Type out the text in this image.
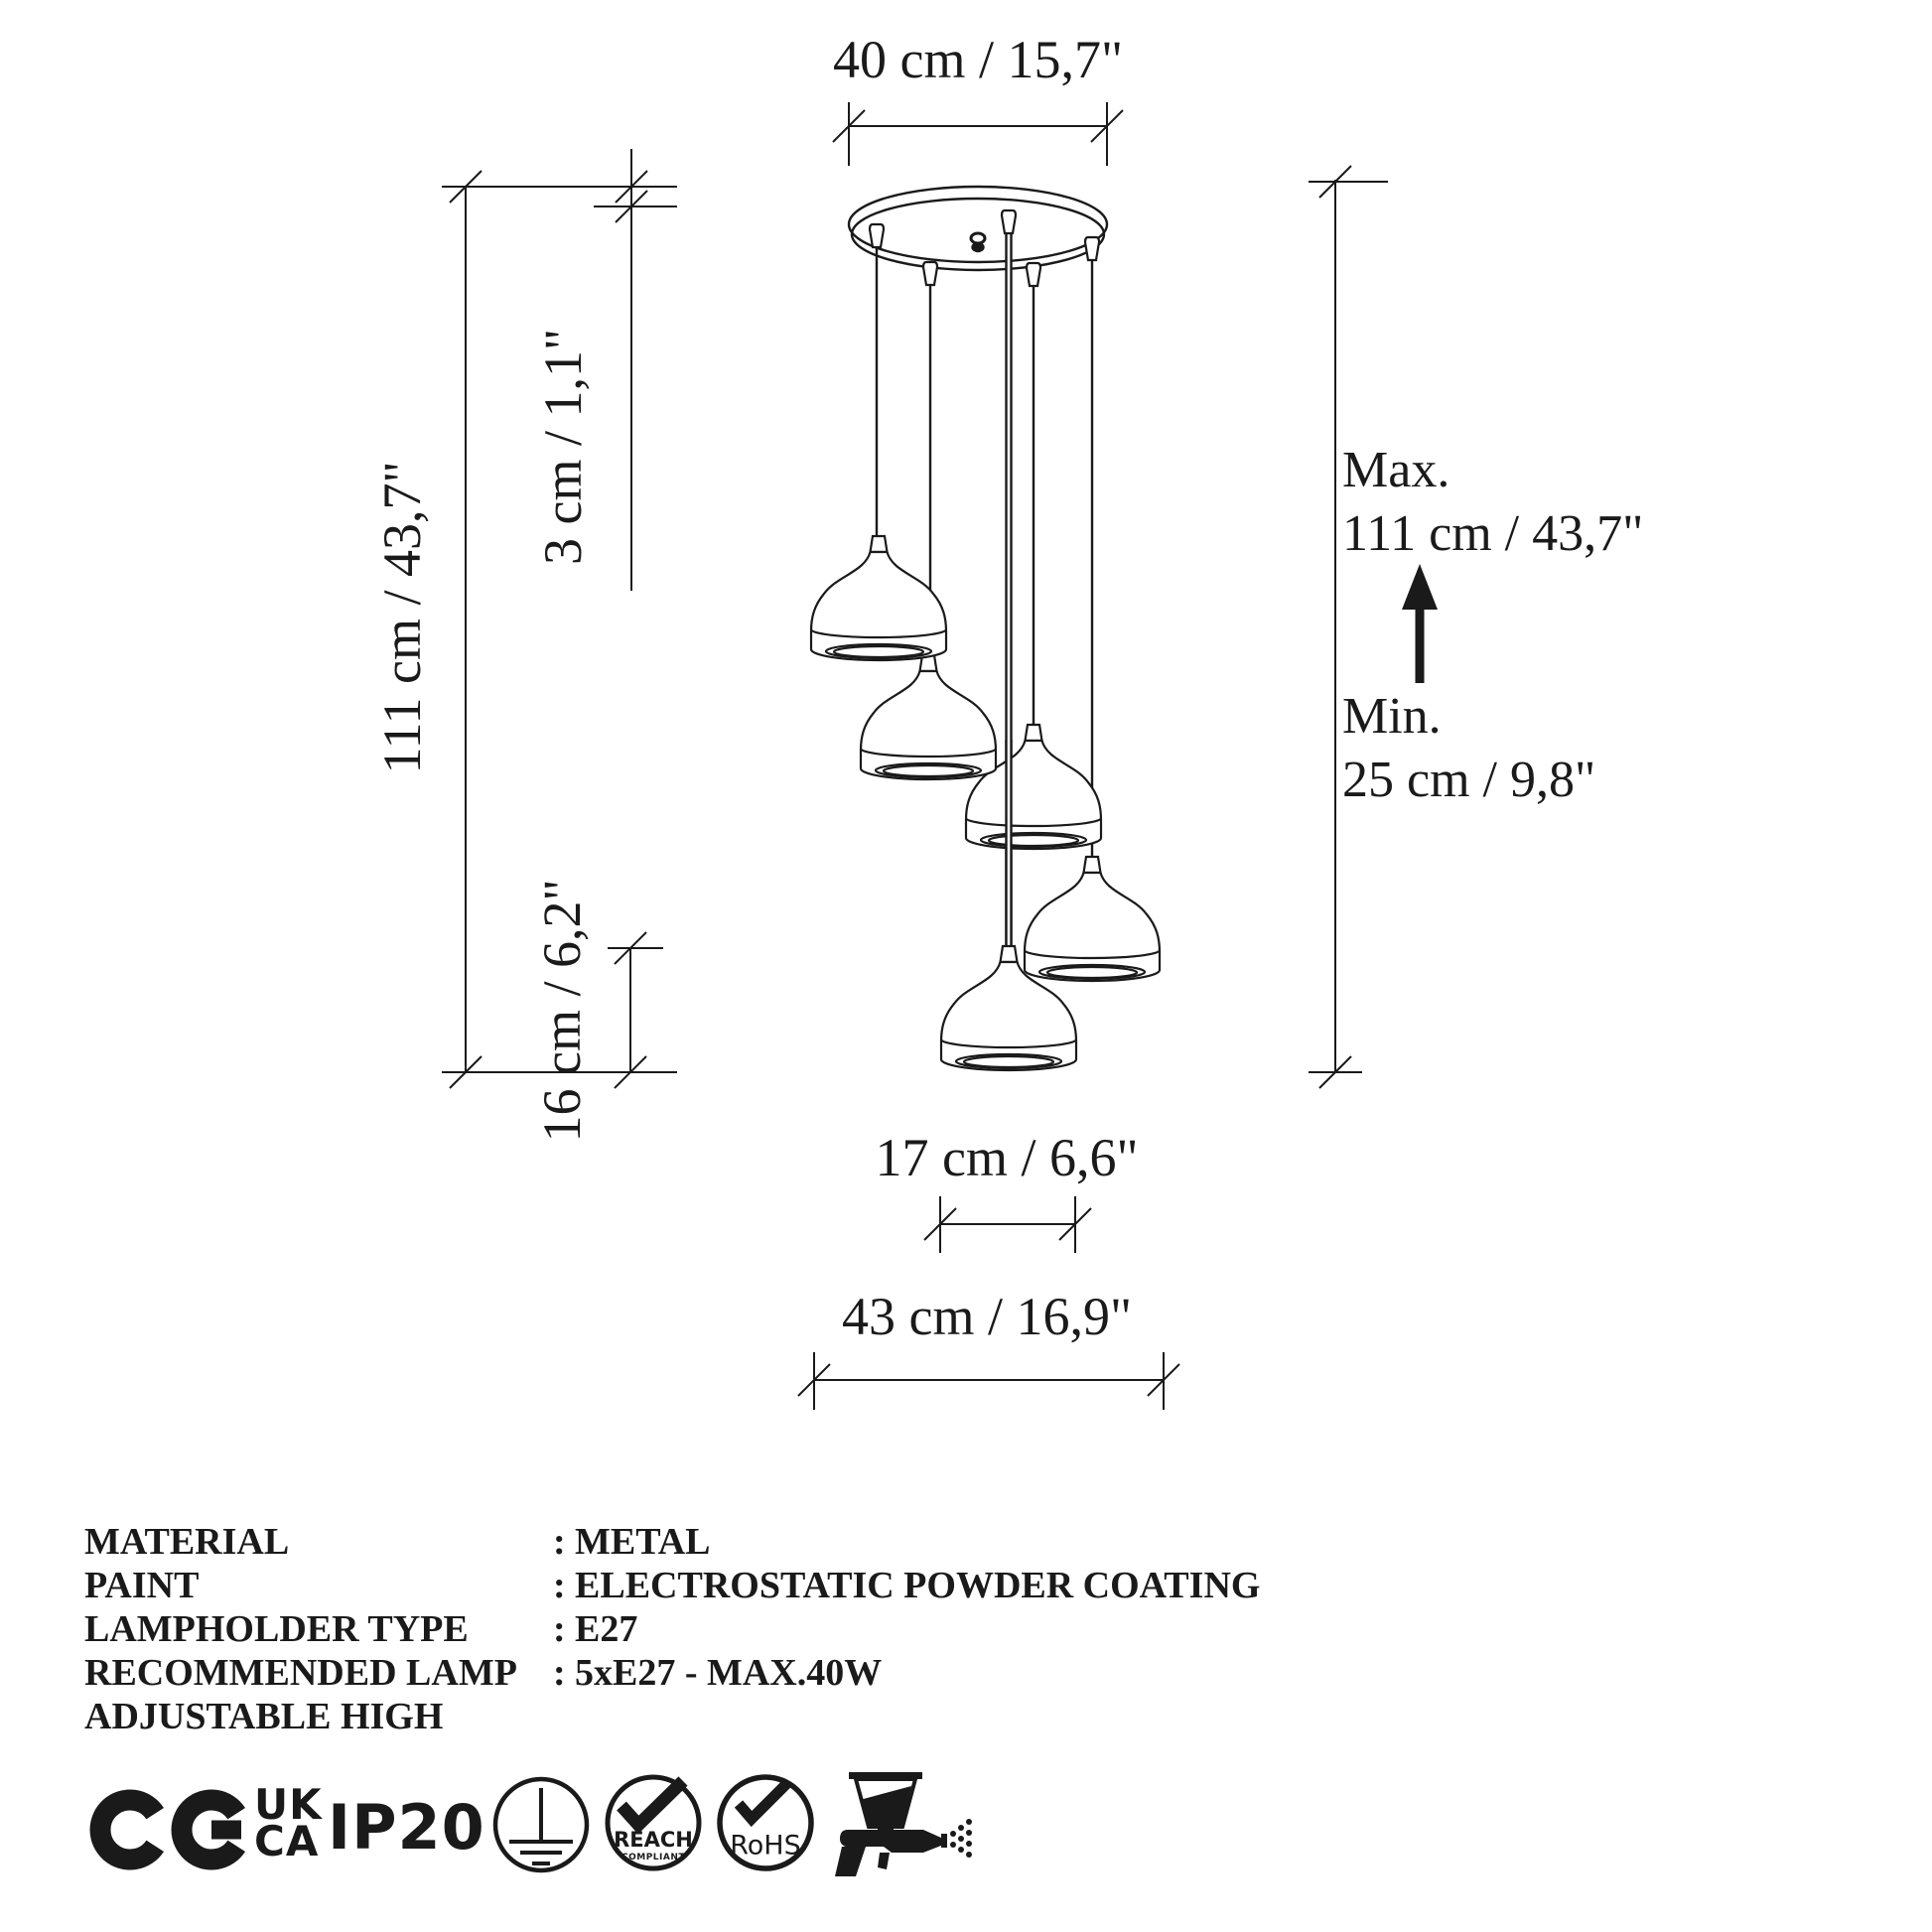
40 cm / 15,7"
111 cm / 43,7"
3 cm / 1,1"
16 cm / 6,2"
17 cm / 6,6"
43 cm / 16,9"
Max.
111 cm / 43,7"
Min.
25 cm / 9,8"
MATERIAL	: METAL
PAINT	: ELECTROSTATIC POWDER COATING
LAMPHOLDER TYPE : E27
RECOMMENDED LAMP : 5xE27 - MAX.40W
ADJUSTABLE HIGH
UK
CA IP20	REACH
COMPLIANT RoHS
